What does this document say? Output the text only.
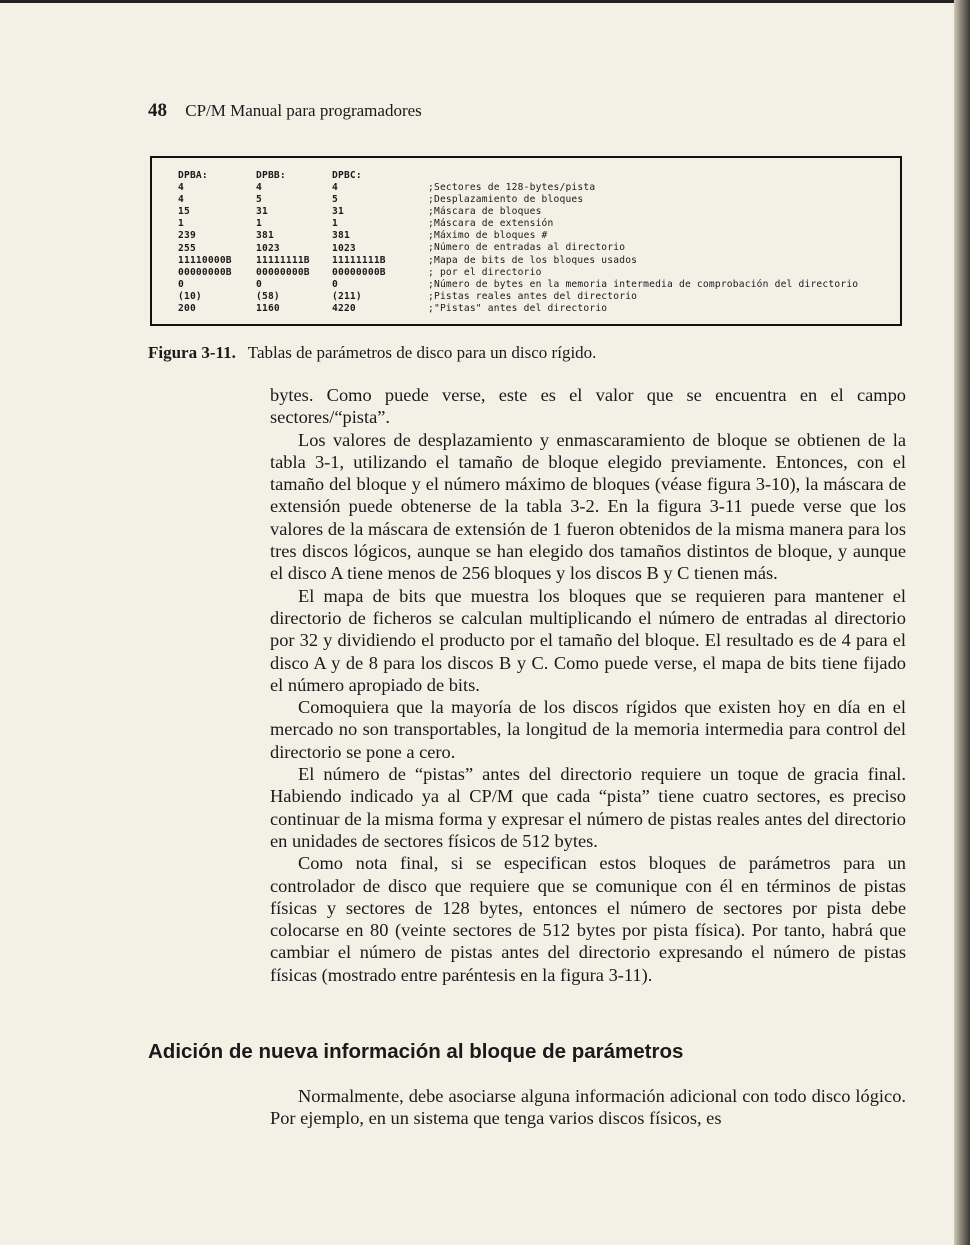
48 CP/M Manual para programadores
DPBA:
4
4
15
1
239
255
11110000B
00000000B
0
(10)
200
DPBB:
4
5
31
1
381
1023
11111111B
00000000B
0
(58)
1160
DPBC:
4
5
31
1
381
1023
11111111B
00000000B
0
(211)
4220
;Sectores de 128-bytes/pista
;Desplazamiento de bloques
;Máscara de bloques
;Máscara de extensión
;Máximo de bloques #
;Número de entradas al directorio
;Mapa de bits de los bloques usados
; por el directorio
;Número de bytes en la memoria intermedia de comprobación del directorio
;Pistas reales antes del directorio
;"Pistas" antes del directorio
Figura 3-11. Tablas de parámetros de disco para un disco rígido.

bytes. Como puede verse, este es el valor que se encuentra en el campo sectores/“pista”.

Los valores de desplazamiento y enmascaramiento de bloque se obtienen de la tabla 3-1, utilizando el tamaño de bloque elegido previamente. Entonces, con el tamaño del bloque y el número máximo de bloques (véase figura 3-10), la máscara de extensión puede obtenerse de la tabla 3-2. En la figura 3-11 puede verse que los valores de la máscara de extensión de 1 fueron obtenidos de la misma manera para los tres discos lógicos, aunque se han elegido dos tamaños distintos de bloque, y aunque el disco A tiene menos de 256 bloques y los discos B y C tienen más.

El mapa de bits que muestra los bloques que se requieren para mantener el directorio de ficheros se calculan multiplicando el número de entradas al directorio por 32 y dividiendo el producto por el tamaño del bloque. El resultado es de 4 para el disco A y de 8 para los discos B y C. Como puede verse, el mapa de bits tiene fijado el número apropiado de bits.

Comoquiera que la mayoría de los discos rígidos que existen hoy en día en el mercado no son transportables, la longitud de la memoria intermedia para control del directorio se pone a cero.

El número de “pistas” antes del directorio requiere un toque de gracia final. Habiendo indicado ya al CP/M que cada “pista” tiene cuatro sectores, es preciso continuar de la misma forma y expresar el número de pistas reales antes del directorio en unidades de sectores físicos de 512 bytes.

Como nota final, si se especifican estos bloques de parámetros para un controlador de disco que requiere que se comunique con él en términos de pistas físicas y sectores de 128 bytes, entonces el número de sectores por pista debe colocarse en 80 (veinte sectores de 512 bytes por pista física). Por tanto, habrá que cambiar el número de pistas antes del directorio expresando el número de pistas físicas (mostrado entre paréntesis en la figura 3-11).

Adición de nueva información al bloque de parámetros

Normalmente, debe asociarse alguna información adicional con todo disco lógico. Por ejemplo, en un sistema que tenga varios discos físicos, es
